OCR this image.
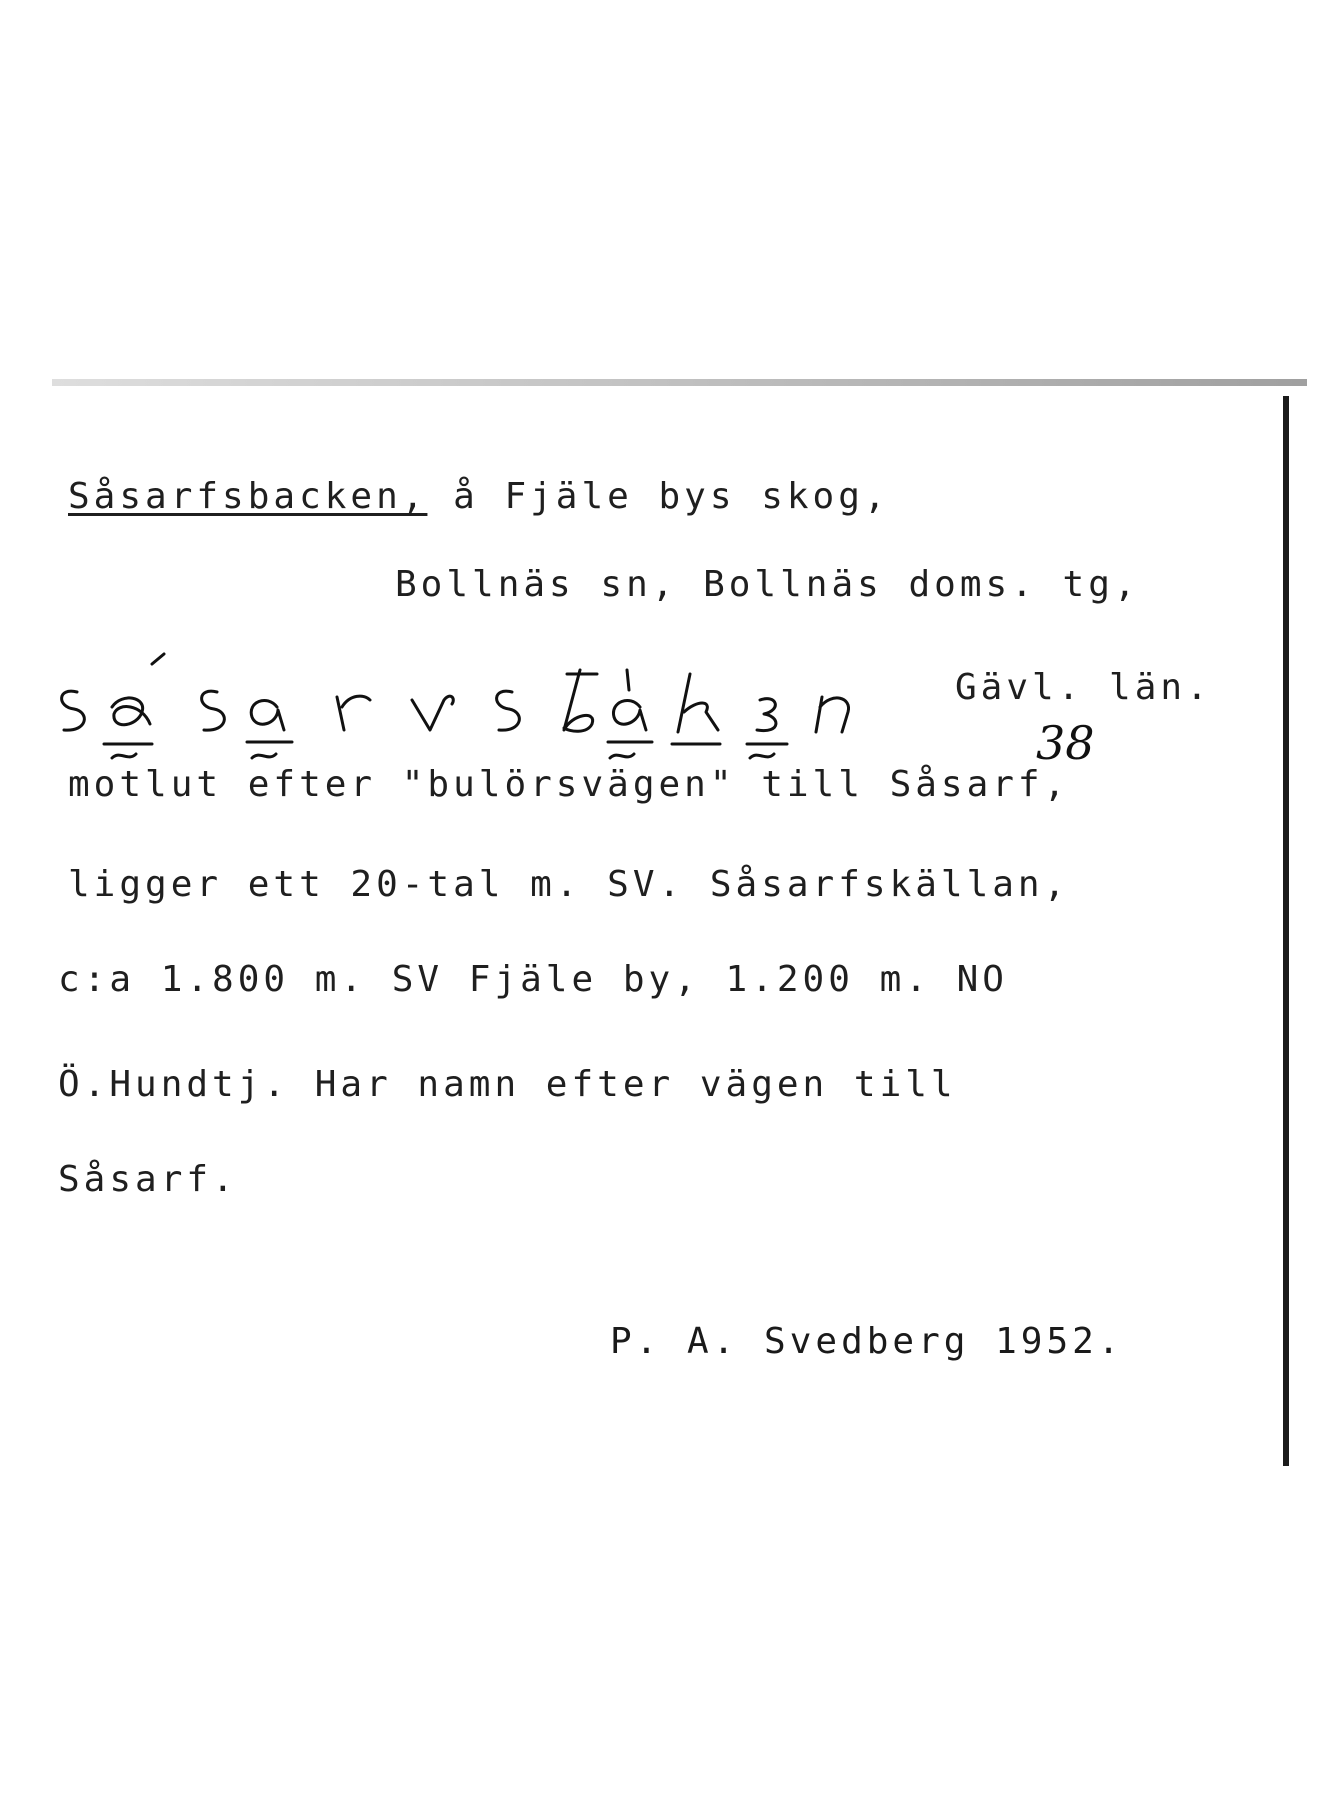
Såsarfsbacken, å Fjäle bys skog,
Bollnäs sn, Bollnäs doms. tg,
Gävl. län.
38
motlut efter "bulörsvägen" till Såsarf,
ligger ett 20-tal m. SV. Såsarfskällan,
c:a 1.800 m. SV Fjäle by, 1.200 m. NO
Ö.Hundtj. Har namn efter vägen till
Såsarf.
P. A. Svedberg 1952.
